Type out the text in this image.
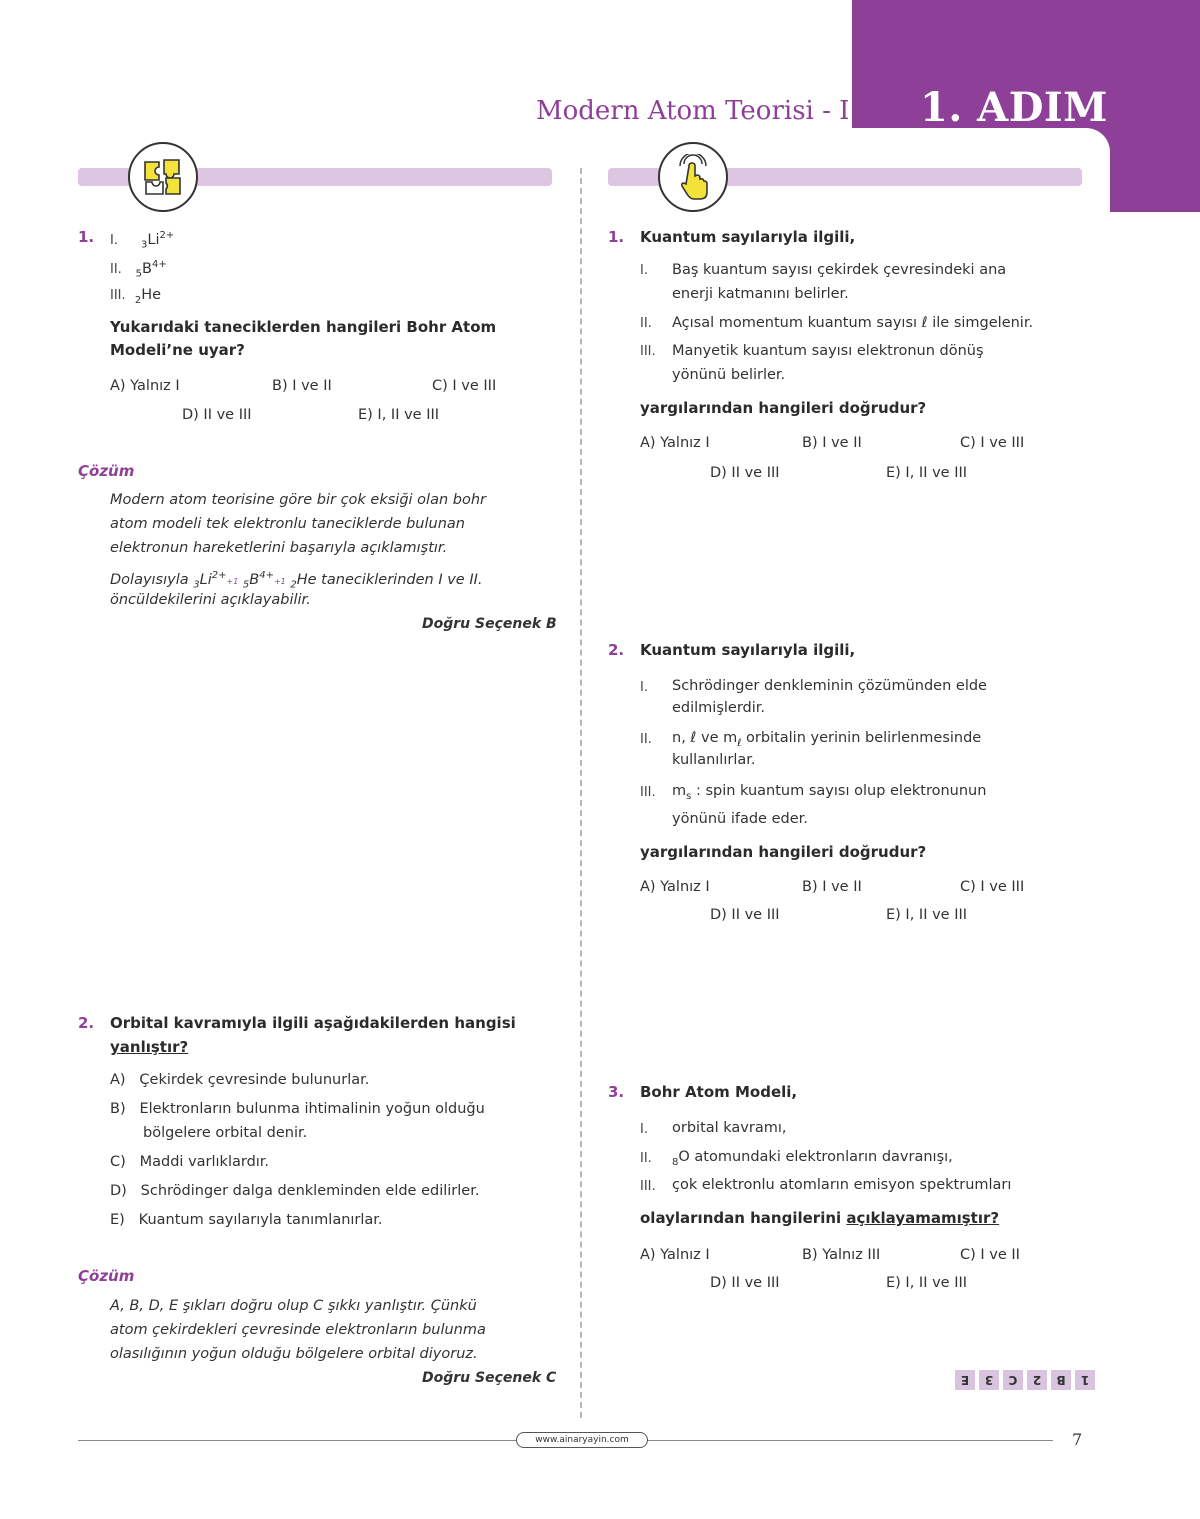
1. ADIM
Modern Atom Teorisi - I
1. I. $_3Li^{2+}$
II. $_5B^{4+}$
III. $_2$He
Yukarıdaki taneciklerden hangileri Bohr Atom
Modeli’ne uyar?
A) Yalnız I	B) I ve II	C) I ve III
D) II ve III	E) I, II ve III
Çözüm
Modern atom teorisine göre bir çok eksiği olan bohr
atom modeli tek elektronlu taneciklerde bulunan
elektronun hareketlerini başarıyla açıklamıştır.
Dolayısıyla $_3Li^{2+}+1$ $_5B^{4+}+1$ $_2$He taneciklerinden I ve II.
öncüldekilerini açıklayabilir.
Doğru Seçenek B
2. Orbital kavramıyla ilgili aşağıdakilerden hangisi
yanlıştır?
A) Çekirdek çevresinde bulunurlar.
B) Elektronların bulunma ihtimalinin yoğun olduğu
bölgelere orbital denir.
C) Maddi varlıklardır.
D) Schrödinger dalga denkleminden elde edilirler.
E) Kuantum sayılarıyla tanımlanırlar.
Çözüm
A, B, D, E şıkları doğru olup C şıkkı yanlıştır. Çünkü
atom çekirdekleri çevresinde elektronların bulunma
olasılığının yoğun olduğu bölgelere orbital diyoruz.
Doğru Seçenek C
1. Kuantum sayılarıyla ilgili,
I. Baş kuantum sayısı çekirdek çevresindeki ana
enerji katmanını belirler.
II. Açısal momentum kuantum sayısı ℓ ile simgelenir.
III. Manyetik kuantum sayısı elektronun dönüş
yönünü belirler.
yargılarından hangileri doğrudur?
A) Yalnız I	B) I ve II	C) I ve III
D) II ve III	E) I, II ve III
2. Kuantum sayılarıyla ilgili,
I. Schrödinger denkleminin çözümünden elde
edilmişlerdir.
II. n, ℓ ve $m_\ell$ orbitalin yerinin belirlenmesinde
kullanılırlar.
III. $m_s$ : spin kuantum sayısı olup elektronunun
yönünü ifade eder.
yargılarından hangileri doğrudur?
A) Yalnız I	B) I ve II	C) I ve III
D) II ve III	E) I, II ve III
3. Bohr Atom Modeli,
I. orbital kavramı,
II. $_8$O atomundaki elektronların davranışı,
III. çok elektronlu atomların emisyon spektrumları
olaylarından hangilerini açıklayamamıştır?
A) Yalnız I	B) Yalnız III	C) I ve II
D) II ve III	E) I, II ve III
E	3	C	2	B	1
www.ainaryayin.com	7
